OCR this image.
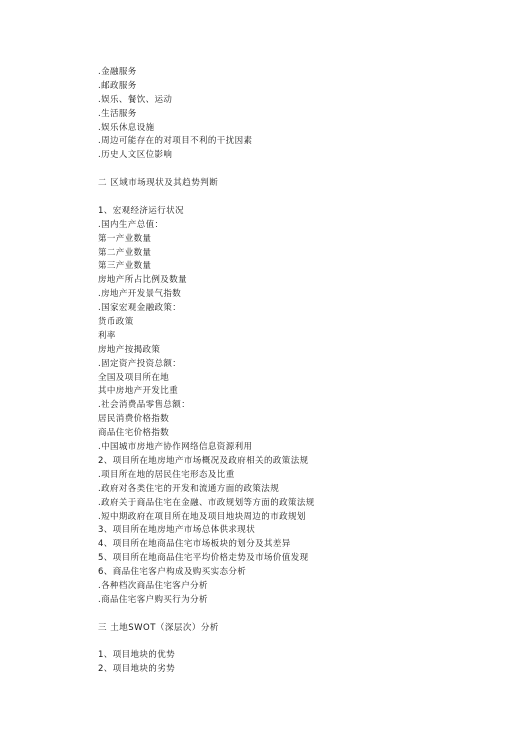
.金融服务
.邮政服务
.娱乐、餐饮、运动
.生活服务
.娱乐休息设施
.周边可能存在的对项目不利的干扰因素
.历史人文区位影响
二 区域市场现状及其趋势判断
1、宏观经济运行状况
.国内生产总值：
第一产业数量
第二产业数量
第三产业数量
房地产所占比例及数量
.房地产开发景气指数
.国家宏观金融政策：
货币政策
利率
房地产按揭政策
.固定资产投资总额：
全国及项目所在地
其中房地产开发比重
.社会消费品零售总额：
居民消费价格指数
商品住宅价格指数
.中国城市房地产协作网络信息资源利用
2、项目所在地房地产市场概况及政府相关的政策法规
.项目所在地的居民住宅形态及比重
.政府对各类住宅的开发和流通方面的政策法规
.政府关于商品住宅在金融、市政规划等方面的政策法规
.短中期政府在项目所在地及项目地块周边的市政规划
3、项目所在地房地产市场总体供求现状
4、项目所在地商品住宅市场板块的划分及其差异
5、项目所在地商品住宅平均价格走势及市场价值发现
6、商品住宅客户构成及购买实态分析
.各种档次商品住宅客户分析
.商品住宅客户购买行为分析
三 土地SWOT（深层次）分析
1、项目地块的优势
2、项目地块的劣势
